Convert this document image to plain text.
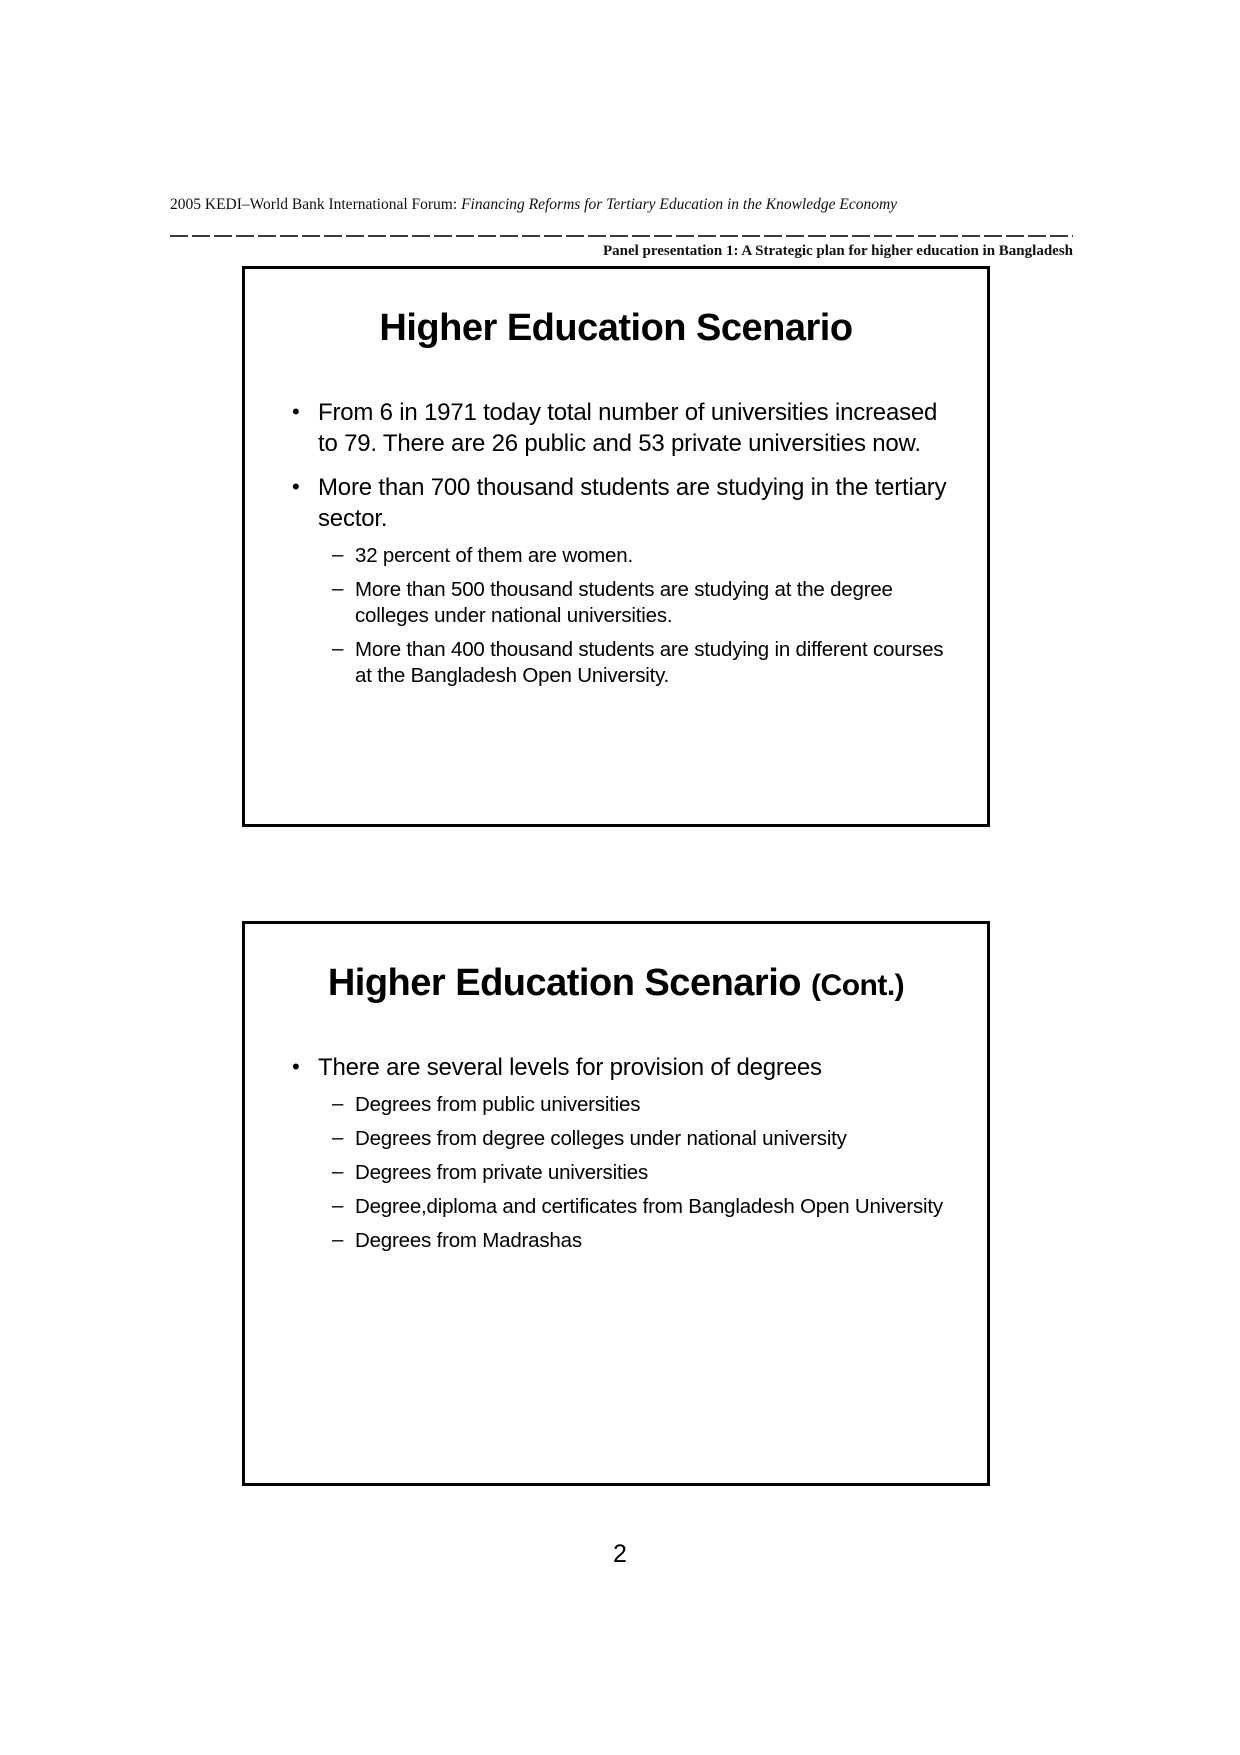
2005 KEDI–World Bank International Forum: Financing Reforms for Tertiary Education in the Knowledge Economy
Panel presentation 1: A Strategic plan for higher education in Bangladesh
Higher Education Scenario
• From 6 in 1971 today total number of universities increased to 79. There are 26 public and 53 private universities now.
• More than 700 thousand students are studying in the tertiary sector.
– 32 percent of them are women.
– More than 500 thousand students are studying at the degree colleges under national universities.
– More than 400 thousand students are studying in different courses at the Bangladesh Open University.
Higher Education Scenario (Cont.)
• There are several levels for provision of degrees
– Degrees from public universities
– Degrees from degree colleges under national university
– Degrees from private universities
– Degree,diploma and certificates from Bangladesh Open University
– Degrees from Madrashas
2
